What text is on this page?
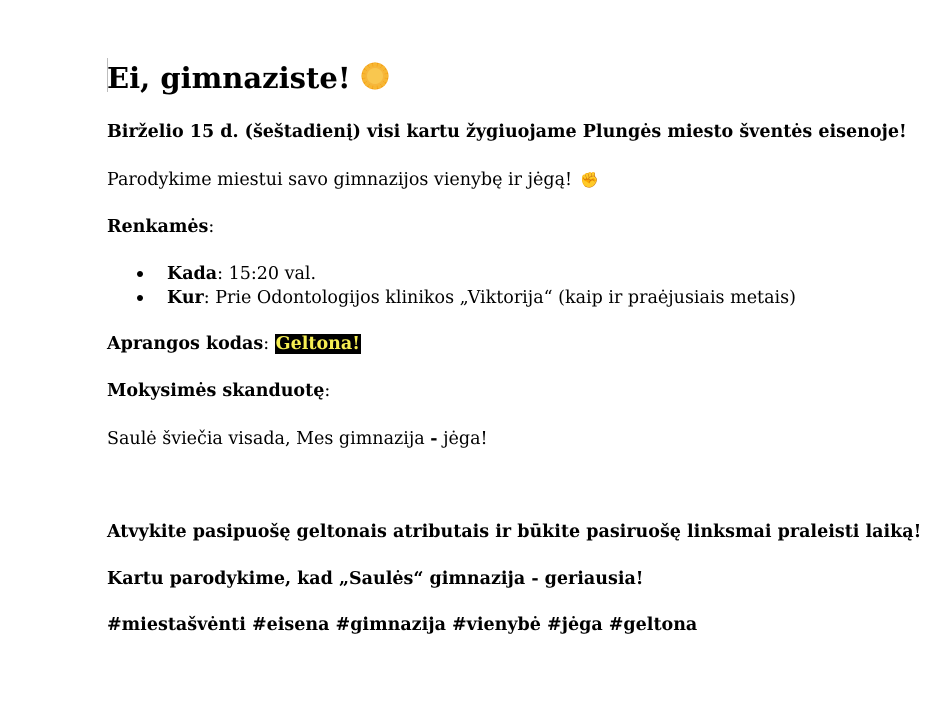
Ei, gimnaziste!
Birželio 15 d. (šeštadienį) visi kartu žygiuojame Plungės miesto šventės eisenoje!
Parodykime miestui savo gimnazijos vienybę ir jėgą! ✊
Renkamės:
Kada: 15:20 val.
Kur: Prie Odontologijos klinikos „Viktorija“ (kaip ir praėjusiais metais)
Aprangos kodas: Geltona!
Mokysimės skanduotę:
Saulė šviečia visada, Mes gimnazija - jėga!
Atvykite pasipuošę geltonais atributais ir būkite pasiruošę linksmai praleisti laiką!
Kartu parodykime, kad „Saulės“ gimnazija - geriausia!
#miestašvėnti #eisena #gimnazija #vienybė #jėga #geltona
